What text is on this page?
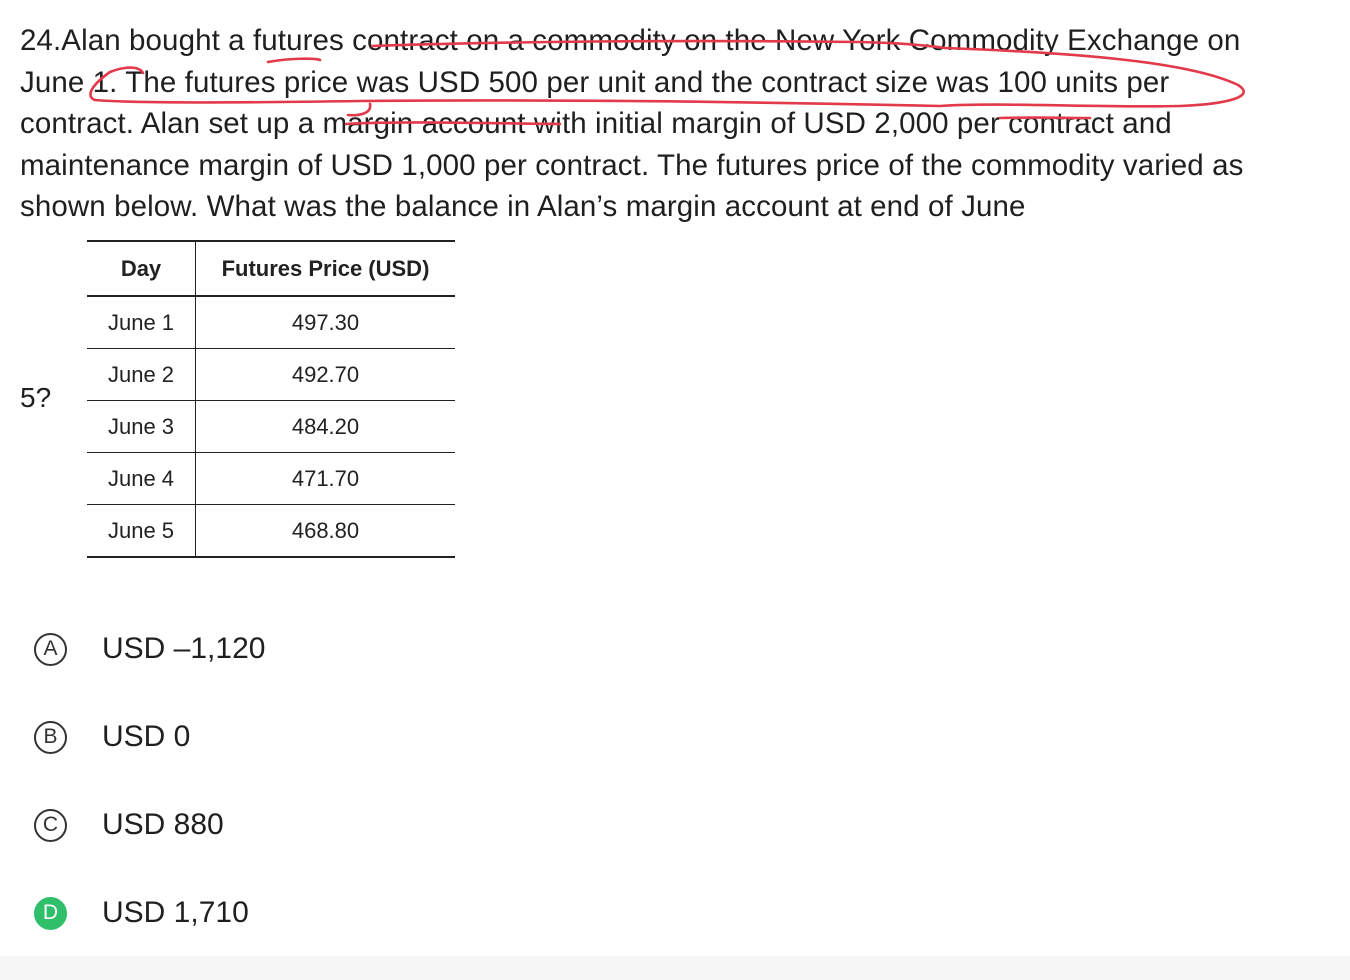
24.Alan bought a futures contract on a commodity on the New York Commodity Exchange on
June 1. The futures price was USD 500 per unit and the contract size was 100 units per
contract. Alan set up a margin account with initial margin of USD 2,000 per contract and
maintenance margin of USD 1,000 per contract. The futures price of the commodity varied as
shown below. What was the balance in Alan’s margin account at end of June
5?
Day	Futures Price (USD)
June 1	497.30
June 2	492.70
June 3	484.20
June 4	471.70
June 5	468.80
A	USD –1,120
B	USD 0
C USD 880
D USD 1,710
